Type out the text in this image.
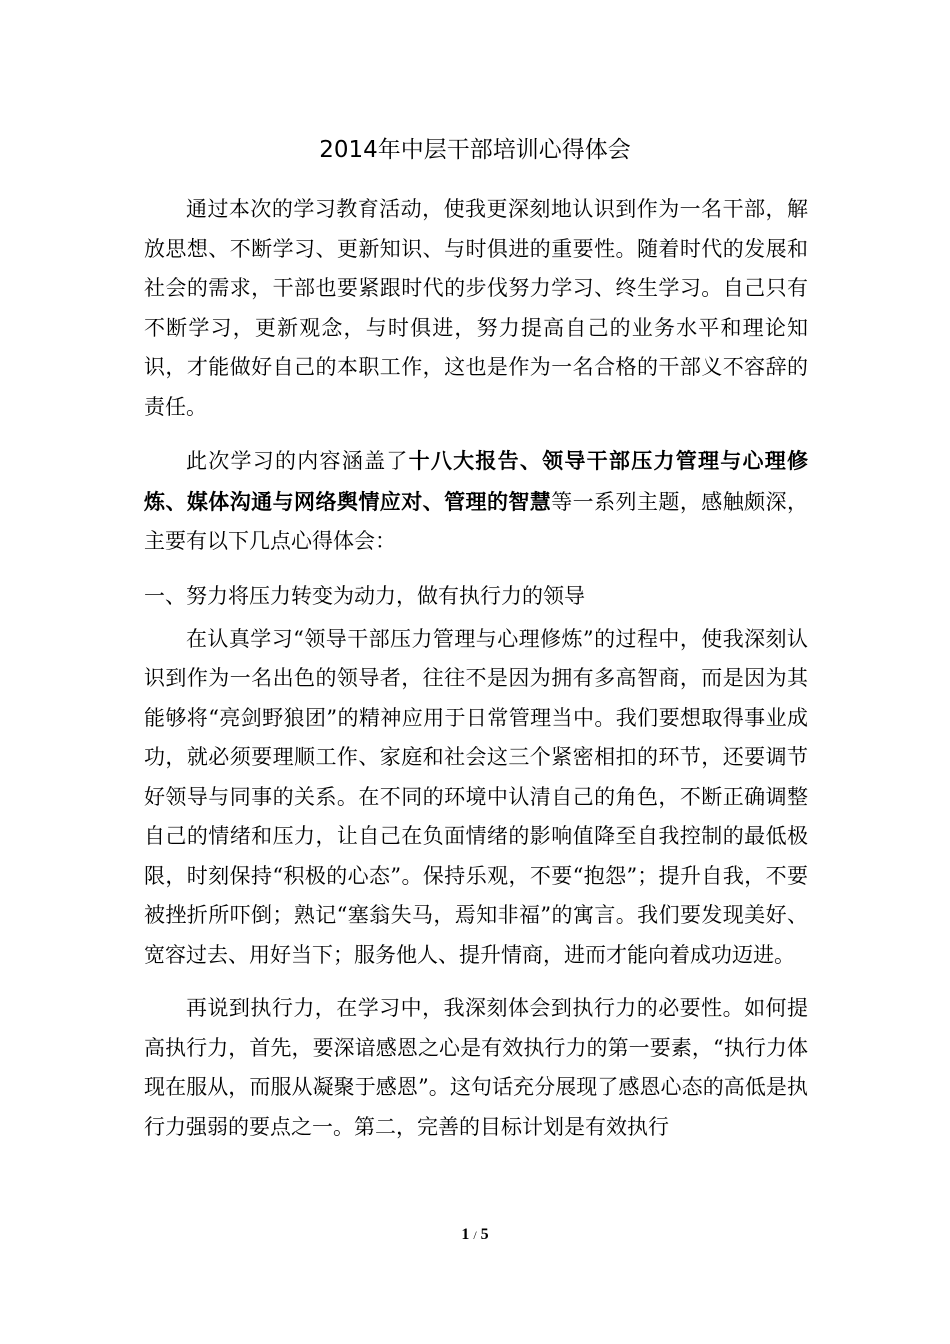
2014年中层干部培训心得体会

通过本次的学习教育活动，使我更深刻地认识到作为一名干部，解放思想、不断学习、更新知识、与时俱进的重要性。随着时代的发展和社会的需求，干部也要紧跟时代的步伐努力学习、终生学习。自己只有不断学习，更新观念，与时俱进，努力提高自己的业务水平和理论知识，才能做好自己的本职工作，这也是作为一名合格的干部义不容辞的责任。

此次学习的内容涵盖了十八大报告、领导干部压力管理与心理修炼、媒体沟通与网络舆情应对、管理的智慧等一系列主题，感触颇深，主要有以下几点心得体会：

一、努力将压力转变为动力，做有执行力的领导

在认真学习“领导干部压力管理与心理修炼”的过程中，使我深刻认识到作为一名出色的领导者，往往不是因为拥有多高智商，而是因为其能够将“亮剑野狼团”的精神应用于日常管理当中。我们要想取得事业成功，就必须要理顺工作、家庭和社会这三个紧密相扣的环节，还要调节好领导与同事的关系。在不同的环境中认清自己的角色，不断正确调整自己的情绪和压力，让自己在负面情绪的影响值降至自我控制的最低极限，时刻保持“积极的心态”。保持乐观，不要“抱怨”；提升自我，不要被挫折所吓倒；熟记“塞翁失马，焉知非福”的寓言。我们要发现美好、宽容过去、用好当下；服务他人、提升情商，进而才能向着成功迈进。

再说到执行力，在学习中，我深刻体会到执行力的必要性。如何提高执行力，首先，要深谙感恩之心是有效执行力的第一要素，“执行力体现在服从，而服从凝聚于感恩”。这句话充分展现了感恩心态的高低是执行力强弱的要点之一。第二，完善的目标计划是有效执行

1 / 5
